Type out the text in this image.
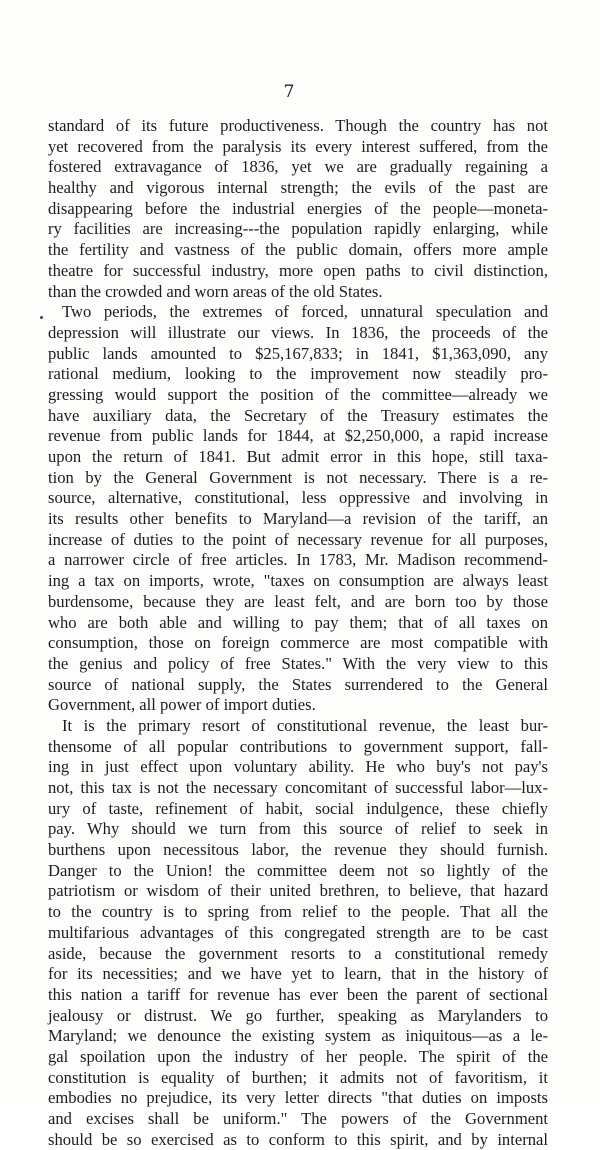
7
standard of its future productiveness. Though the country has not
yet recovered from the paralysis its every interest suffered, from the
fostered extravagance of 1836, yet we are gradually regaining a
healthy and vigorous internal strength; the evils of the past are
disappearing before the industrial energies of the people—moneta-
ry facilities are increasing---the population rapidly enlarging, while
the fertility and vastness of the public domain, offers more ample
theatre for successful industry, more open paths to civil distinction,
than the crowded and worn areas of the old States.
Two periods, the extremes of forced, unnatural speculation and
depression will illustrate our views. In 1836, the proceeds of the
public lands amounted to $25,167,833; in 1841, $1,363,090, any
rational medium, looking to the improvement now steadily pro-
gressing would support the position of the committee—already we
have auxiliary data, the Secretary of the Treasury estimates the
revenue from public lands for 1844, at $2,250,000, a rapid increase
upon the return of 1841. But admit error in this hope, still taxa-
tion by the General Government is not necessary. There is a re-
source, alternative, constitutional, less oppressive and involving in
its results other benefits to Maryland—a revision of the tariff, an
increase of duties to the point of necessary revenue for all purposes,
a narrower circle of free articles. In 1783, Mr. Madison recommend-
ing a tax on imports, wrote, "taxes on consumption are always least
burdensome, because they are least felt, and are born too by those
who are both able and willing to pay them; that of all taxes on
consumption, those on foreign commerce are most compatible with
the genius and policy of free States." With the very view to this
source of national supply, the States surrendered to the General
Government, all power of import duties.
It is the primary resort of constitutional revenue, the least bur-
thensome of all popular contributions to government support, fall-
ing in just effect upon voluntary ability. He who buy's not pay's
not, this tax is not the necessary concomitant of successful labor—lux-
ury of taste, refinement of habit, social indulgence, these chiefly
pay. Why should we turn from this source of relief to seek in
burthens upon necessitous labor, the revenue they should furnish.
Danger to the Union! the committee deem not so lightly of the
patriotism or wisdom of their united brethren, to believe, that hazard
to the country is to spring from relief to the people. That all the
multifarious advantages of this congregated strength are to be cast
aside, because the government resorts to a constitutional remedy
for its necessities; and we have yet to learn, that in the history of
this nation a tariff for revenue has ever been the parent of sectional
jealousy or distrust. We go further, speaking as Marylanders to
Maryland; we denounce the existing system as iniquitous—as a le-
gal spoilation upon the industry of her people. The spirit of the
constitution is equality of burthen; it admits not of favoritism, it
embodies no prejudice, its very letter directs "that duties on imposts
and excises shall be uniform." The powers of the Government
should be so exercised as to conform to this spirit, and by internal
